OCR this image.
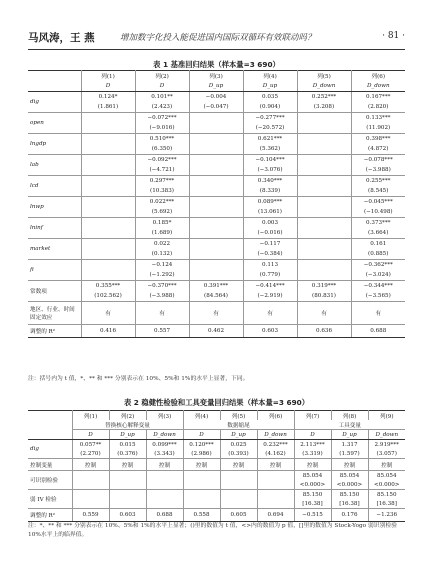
马风涛，王 燕	增加数字化投入能促进国内国际双循环有效联动吗？	· 81 ·
表 1 基准回归结果（样本量=3 690）
	列(1)	列(2)	列(3)	列(4)	列(5)	列(6)
	D	D	D_up	D_up	D_down	D_down
dig	0.124*	0.101**	−0.004	0.035	0.252***	0.167***
	(1.861)	(2.423)	(−0.047)	(0.904)	(3.208)	(2.820)
open		−0.072***		−0.277***		0.133***
		(−9.016)		(−20.572)		(11.902)
lngdp		0.510***		0.621***		0.398***
		(6.350)		(5.362)		(4.872)
lab		−0.092***		−0.104***		−0.078***
		(−4.721)		(−3.076)		(−3.988)
lcd		0.297***		0.340***		0.255***
		(10.383)		(8.339)		(8.545)
lnwp		0.022***		0.089***		−0.045***
		(5.692)		(13.061)		(−10.498)
lninf		0.185*		0.003		0.373***
		(1.689)		(−0.016)		(3.664)
market		0.022		−0.117		0.161
		(0.132)		(−0.384)		(0.885)
fi		−0.124		0.113		−0.362***
		(−1.292)		(0.779)		(−3.024)
常数项	0.355***	−0.370***	0.391***	−0.414***	0.319***	−0.344***
	(102.562)	(−3.988)	(84.564)	(−2.919)	(80.831)	(−3.565)

地区、行业、时间
固定效应	有	有	有	有	有	有
调整的 R²	0.416	0.557	0.462	0.603	0.636	0.688
注：括号内为 t 值，*、** 和 *** 分别表示在 10%、5%和 1%的水平上显著，下同。
表 2 稳健性检验和工具变量回归结果（样本量=3 690）
	列(1)	列(2)	列(3)	列(4)	列(5)	列(6)	列(7)	列(8)	列(9)
	替换核心解释变量			数据缩尾			工具变量		
	D	D_up	D_down	D	D_up	D_down	D	D_up	D_down
dig	0.057**	0.015	0.099***	0.120***	0.025	0.232***	2.113***	1.317	2.919***
	(2.270)	(0.376)	(3.343)	(2.986)	(0.393)	(4.162)	(3.319)	(1.597)	(3.057)
控制变量	控制	控制	控制	控制	控制	控制	控制	控制	控制
可识别检验							85.054	85.054	85.054
							<0.000>	<0.000>	<0.000>
弱 IV 检验							85.150	85.150	85.150
							[16.38]	[16.38]	[16.38]
调整的 R²	0.559	0.603	0.688	0.558	0.605	0.694	−0.515	0.176	−1.236
注：*、** 和 *** 分别表示在 10%、5%和 1%的水平上显著；()里的数值为 t 值，<>内的数值为 p 值，[]里的数值为 Stock-Yogo 弱识别检验 10%水平上的临界值。
